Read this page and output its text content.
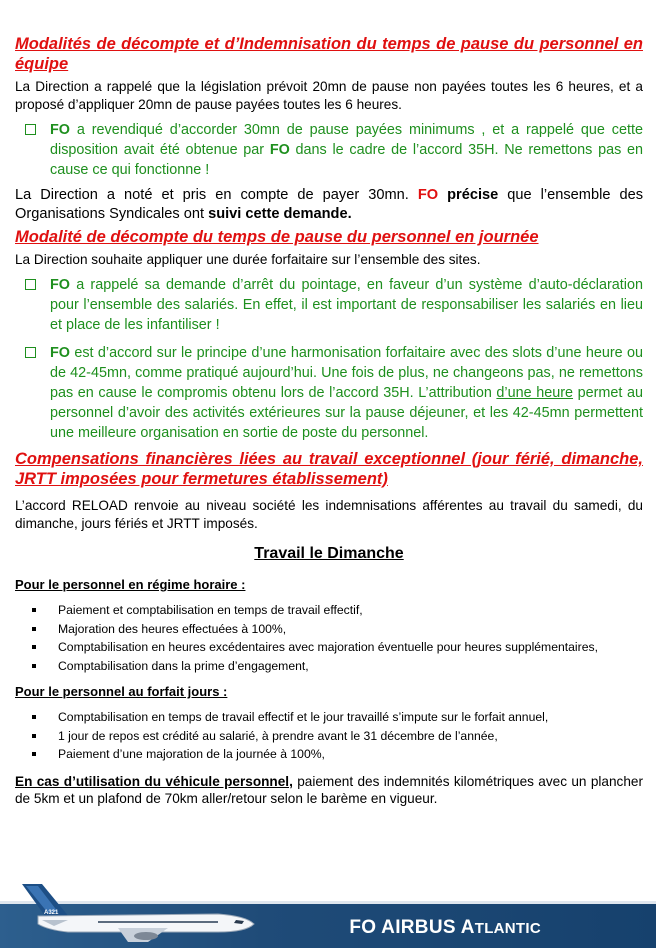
Modalités de décompte et d’Indemnisation du temps de pause du personnel en équipe
La Direction a rappelé que la législation prévoit 20mn de pause non payées toutes les 6 heures, et a proposé d’appliquer 20mn de pause payées toutes les 6 heures.
FO a revendiqué d’accorder 30mn de pause payées minimums , et a rappelé que cette disposition avait été obtenue par FO dans le cadre de l’accord 35H. Ne remettons pas en cause ce qui fonctionne !
La Direction a noté et pris en compte de payer 30mn. FO précise que l’ensemble des Organisations Syndicales ont suivi cette demande.
Modalité de décompte du temps de pause du personnel en journée
La Direction souhaite appliquer une durée forfaitaire sur l’ensemble des sites.
FO a rappelé sa demande d’arrêt du pointage, en faveur d’un système d’auto-déclaration pour l’ensemble des salariés. En effet, il est important de responsabiliser les salariés en lieu et place de les infantiliser !
FO est d’accord sur le principe d’une harmonisation forfaitaire avec des slots d’une heure ou de 42-45mn, comme pratiqué aujourd’hui. Une fois de plus, ne changeons pas, ne remettons pas en cause le compromis obtenu lors de l’accord 35H. L’attribution d’une heure permet au personnel d’avoir des activités extérieures sur la pause déjeuner, et les 42-45mn permettent une meilleure organisation en sortie de poste du personnel.
Compensations financières liées au travail exceptionnel (jour férié, dimanche, JRTT imposées pour fermetures établissement)
L’accord RELOAD renvoie au niveau société les indemnisations afférentes au travail du samedi, du dimanche, jours fériés et JRTT imposés.
Travail le Dimanche
Pour le personnel en régime horaire :
Paiement et comptabilisation en temps de travail effectif,
Majoration des heures effectuées à 100%,
Comptabilisation en heures excédentaires avec majoration éventuelle pour heures supplémentaires,
Comptabilisation dans la prime d’engagement,
Pour le personnel au forfait jours :
Comptabilisation en temps de travail effectif et le jour travaillé s’impute sur le forfait annuel,
1 jour de repos est crédité au salarié, à prendre avant le 31 décembre de l’année,
Paiement d’une majoration de la journée à 100%,
En cas d’utilisation du véhicule personnel, paiement des indemnités kilométriques avec un plancher de 5km et un plafond de 70km aller/retour selon le barème en vigueur.
A321
FO AIRBUS ATLANTIC
